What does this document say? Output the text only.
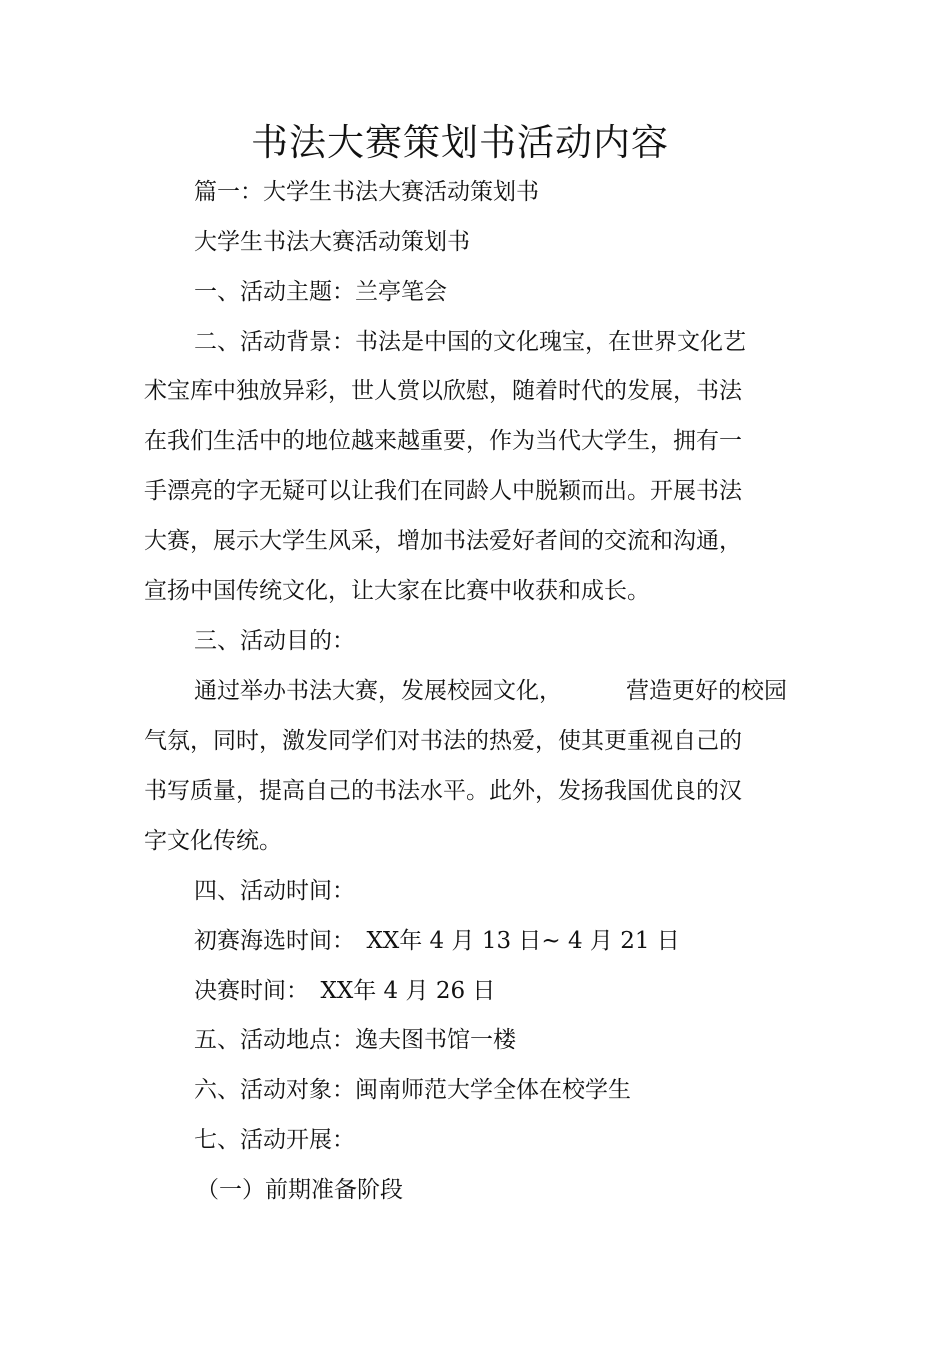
书法大赛策划书活动内容
篇一：大学生书法大赛活动策划书
大学生书法大赛活动策划书
一、活动主题：兰亭笔会
二、活动背景：书法是中国的文化瑰宝，在世界文化艺
术宝库中独放异彩，世人赏以欣慰，随着时代的发展，书法
在我们生活中的地位越来越重要，作为当代大学生，拥有一
手漂亮的字无疑可以让我们在同龄人中脱颖而出。开展书法
大赛，展示大学生风采，增加书法爱好者间的交流和沟通，
宣扬中国传统文化，让大家在比赛中收获和成长。
三、活动目的：
通过举办书法大赛，发展校园文化，	营造更好的校园
气氛，同时，激发同学们对书法的热爱，使其更重视自己的
书写质量，提高自己的书法水平。此外，发扬我国优良的汉
字文化传统。
四、活动时间：
初赛海选时间：　XX年 4 月 13 日~ 4 月 21 日
决赛时间：　XX年 4 月 26 日
五、活动地点：逸夫图书馆一楼
六、活动对象：闽南师范大学全体在校学生
七、活动开展：
（一）前期准备阶段
